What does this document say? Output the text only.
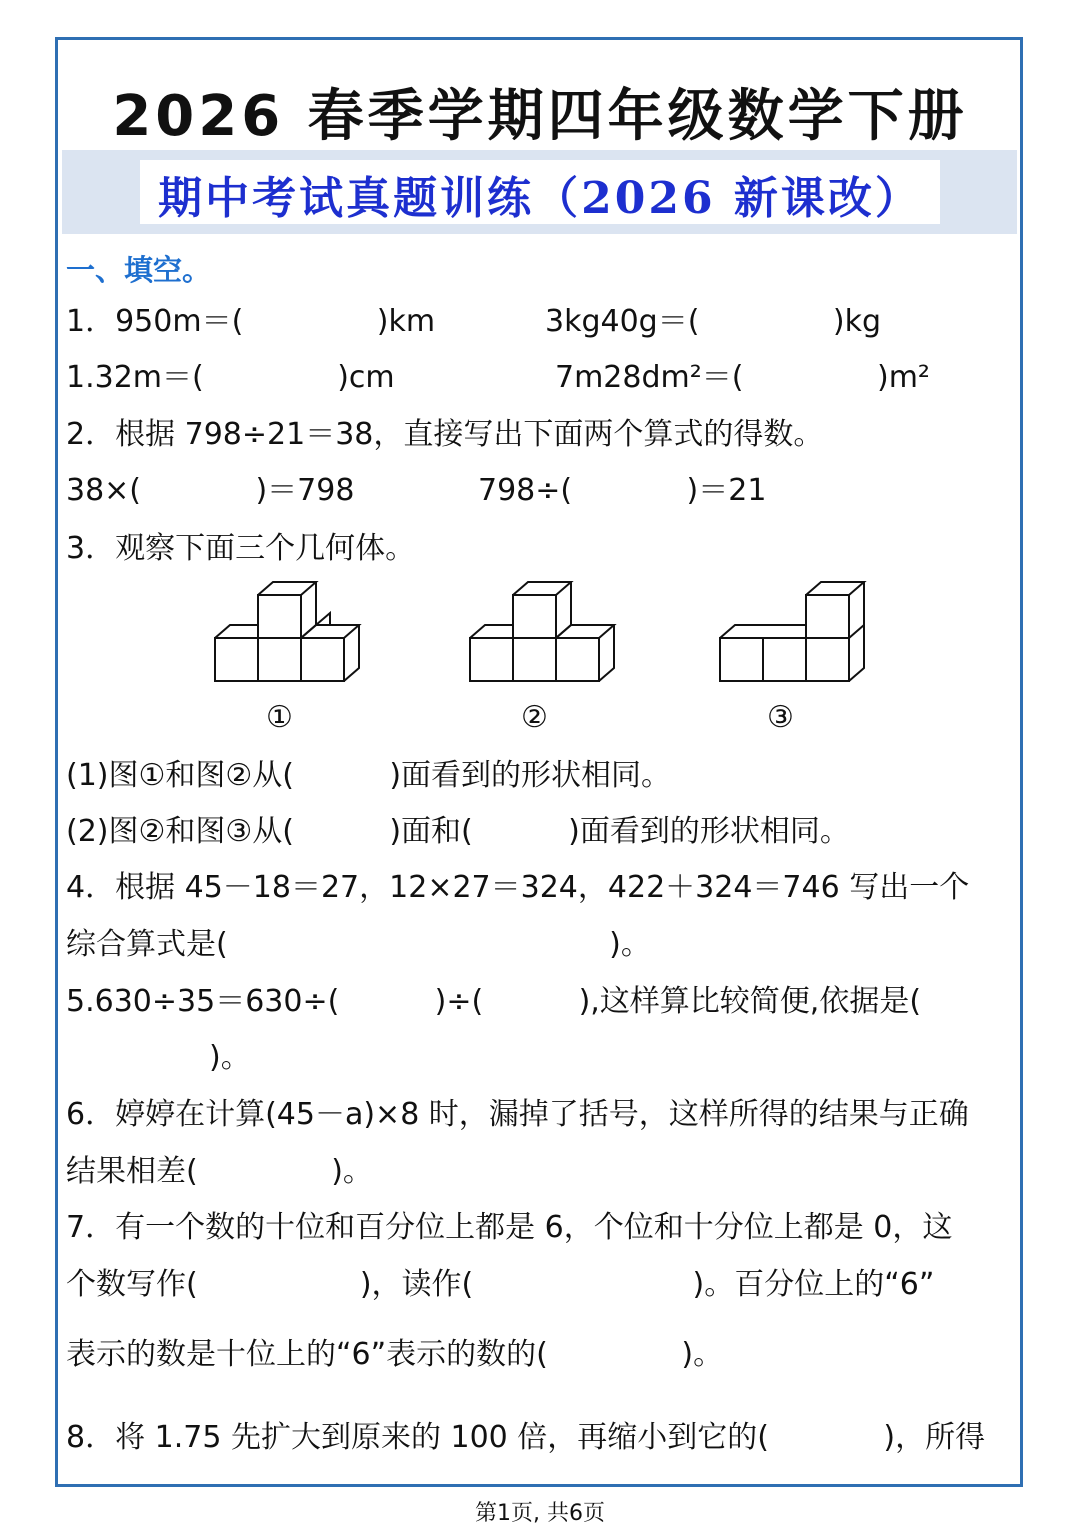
2026 春季学期四年级数学下册
期中考试真题训练（2026 新课改）
一、填空。
1．950m＝(              )km	3kg40g＝(              )kg
1.32m＝(              )cm	7m28dm²＝(              )m²
2．根据 798÷21＝38，直接写出下面两个算式的得数。
38×(            )＝798	798÷(            )＝21
3．观察下面三个几何体。
①	②	③
(1)图①和图②从(          )面看到的形状相同。
(2)图②和图③从(          )面和(          )面看到的形状相同。
4．根据 45－18＝27，12×27＝324，422＋324＝746 写出一个
综合算式是(                                        )。
5.630÷35＝630÷(          )÷(          ),这样算比较简便,依据是(
)。
6．婷婷在计算(45－a)×8 时，漏掉了括号，这样所得的结果与正确
结果相差(              )。
7．有一个数的十位和百分位上都是 6，个位和十分位上都是 0，这
个数写作(                 )，读作(                       )。百分位上的“6”
表示的数是十位上的“6”表示的数的(              )。
8．将 1.75 先扩大到原来的 100 倍，再缩小到它的(            )，所得
第1页, 共6页
